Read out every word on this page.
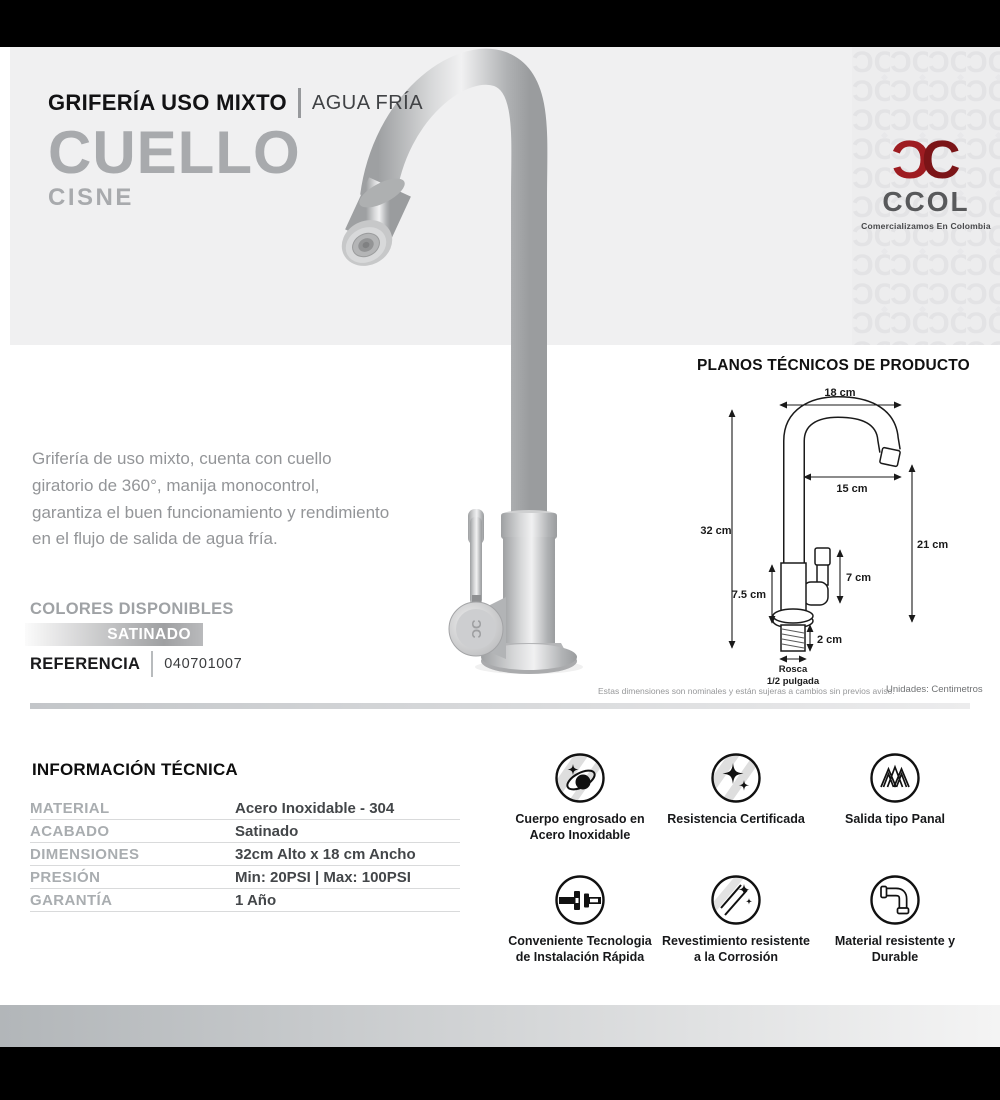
ƆC
CCOL
Comercializamos En Colombia
ƆC
GRIFERÍA USO MIXTO AGUA FRÍA
CUELLO
CISNE

Grifería de uso mixto, cuenta con cuello giratorio de 360°, manija monocontrol, garantiza el buen funcionamiento y rendimiento en el flujo de salida de agua fría.

COLORES DISPONIBLES
SATINADO
REFERENCIA 040701007
PLANOS TÉCNICOS DE PRODUCTO
18 cm
15 cm
32 cm
21 cm
7 cm
7.5 cm
2 cm
Rosca
1/2 pulgada
Estas dimensiones son nominales y están sujeras a cambios sin previos aviso.
Unidades: Centimetros
INFORMACIÓN TÉCNICA
MATERIAL	Acero Inoxidable - 304
ACABADO	Satinado
DIMENSIONES	32cm Alto x 18 cm Ancho
PRESIÓN	Min: 20PSI | Max: 100PSI
GARANTÍA	1 Año
Cuerpo engrosado en Acero Inoxidable
Resistencia Certificada	Salida tipo Panal
Conveniente Tecnologia de Instalación Rápida
Revestimiento resistente a la Corrosión
Material resistente y Durable
